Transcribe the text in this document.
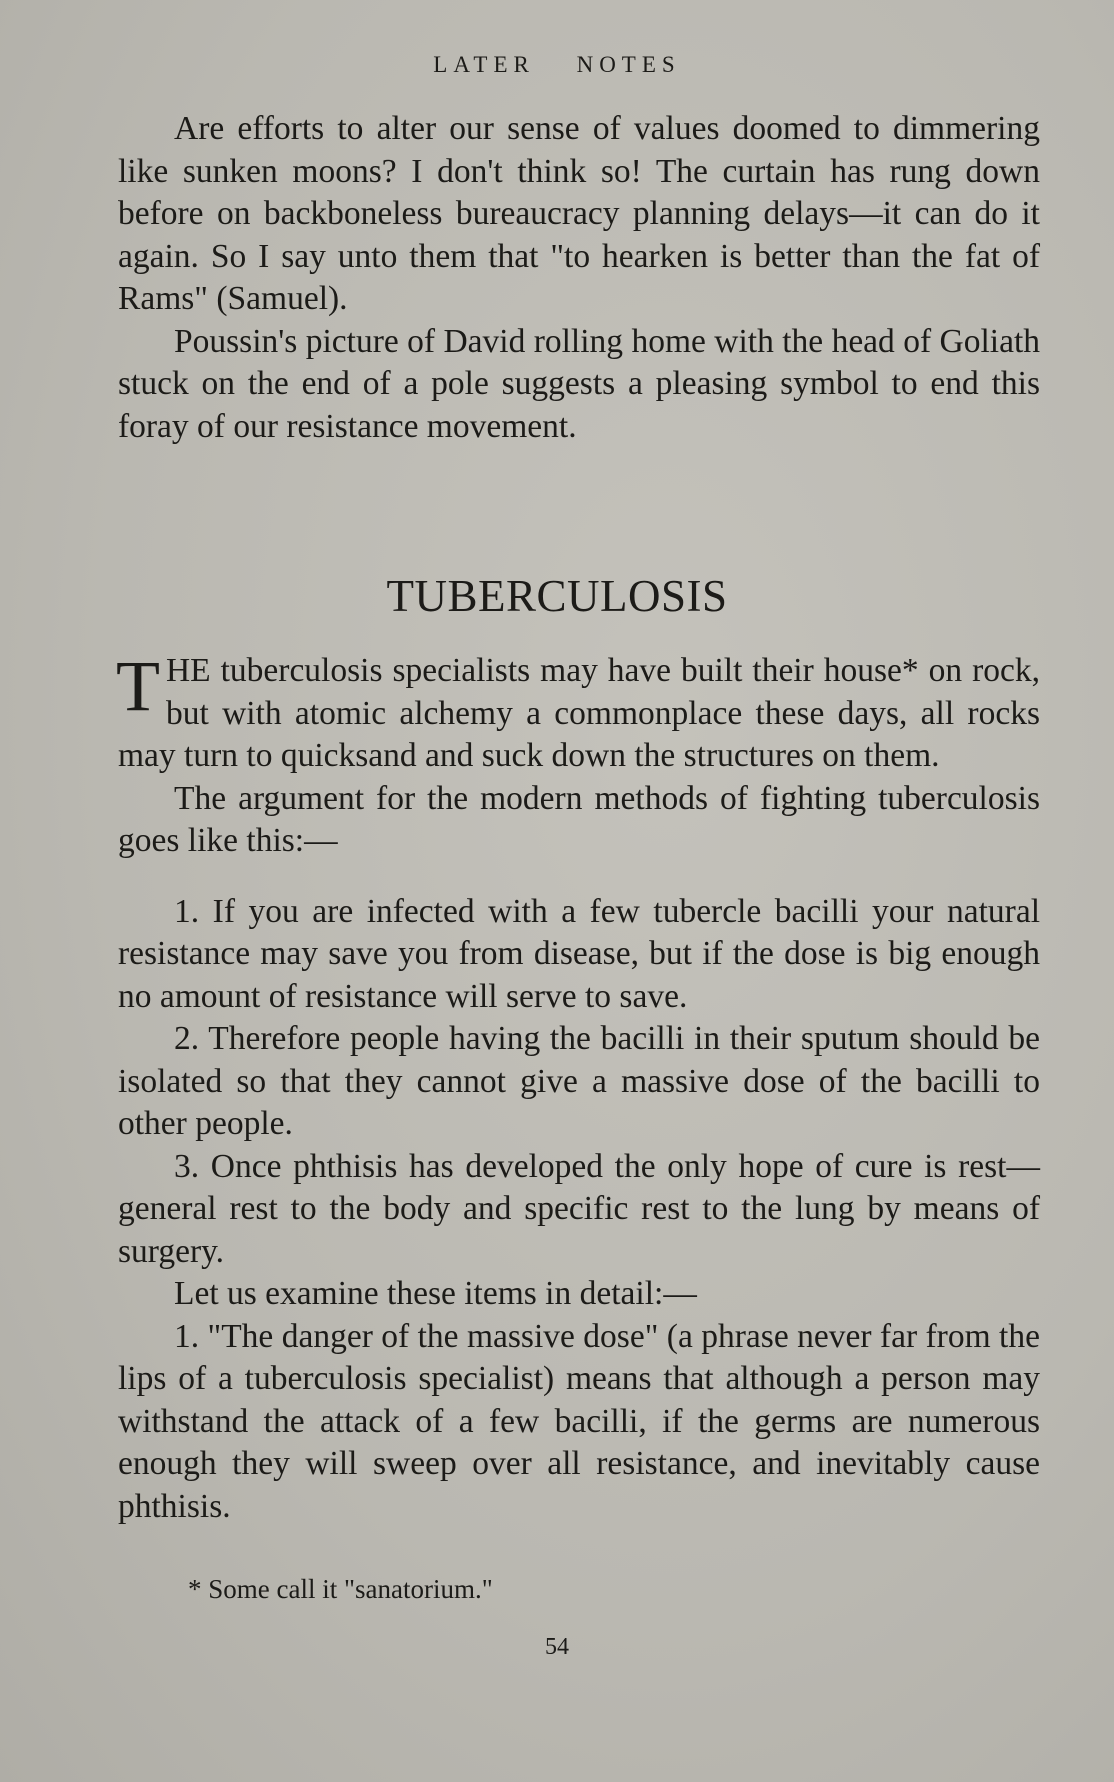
LATER NOTES

Are efforts to alter our sense of values doomed to dimmering like sunken moons? I don't think so! The curtain has rung down before on backboneless bureaucracy planning delays—it can do it again. So I say unto them that "to hearken is better than the fat of Rams" (Samuel).

Poussin's picture of David rolling home with the head of Goliath stuck on the end of a pole suggests a pleasing symbol to end this foray of our resistance movement.

TUBERCULOSIS

THE tuberculosis specialists may have built their house* on rock, but with atomic alchemy a commonplace these days, all rocks may turn to quicksand and suck down the structures on them.

The argument for the modern methods of fighting tuberculosis goes like this:—

1. If you are infected with a few tubercle bacilli your natural resistance may save you from disease, but if the dose is big enough no amount of resistance will serve to save.

2. Therefore people having the bacilli in their sputum should be isolated so that they cannot give a massive dose of the bacilli to other people.

3. Once phthisis has developed the only hope of cure is rest—general rest to the body and specific rest to the lung by means of surgery.

Let us examine these items in detail:—

1. "The danger of the massive dose" (a phrase never far from the lips of a tuberculosis specialist) means that although a person may withstand the attack of a few bacilli, if the germs are numerous enough they will sweep over all resistance, and inevitably cause phthisis.

* Some call it "sanatorium."
54
